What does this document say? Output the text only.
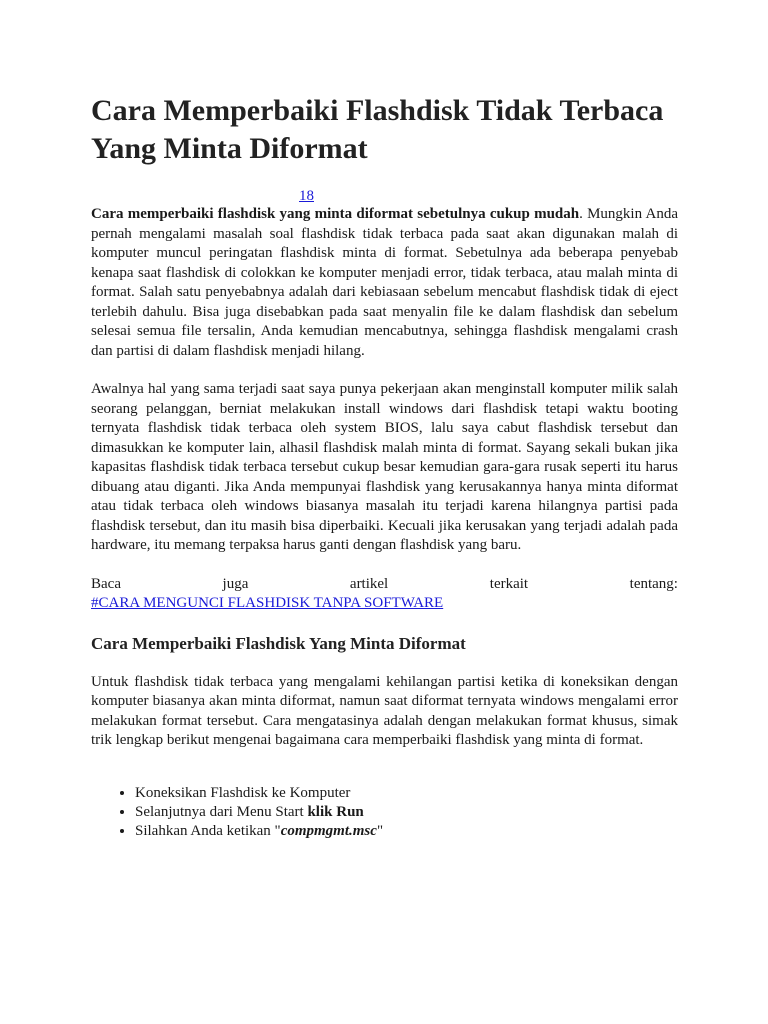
Cara Memperbaiki Flashdisk Tidak Terbaca Yang Minta Diformat
18

Cara memperbaiki flashdisk yang minta diformat sebetulnya cukup mudah. Mungkin Anda pernah mengalami masalah soal flashdisk tidak terbaca pada saat akan digunakan malah di komputer muncul peringatan flashdisk minta di format. Sebetulnya ada beberapa penyebab kenapa saat flashdisk di colokkan ke komputer menjadi error, tidak terbaca, atau malah minta di format. Salah satu penyebabnya adalah dari kebiasaan sebelum mencabut flashdisk tidak di eject terlebih dahulu. Bisa juga disebabkan pada saat menyalin file ke dalam flashdisk dan sebelum selesai semua file tersalin, Anda kemudian mencabutnya, sehingga flashdisk mengalami crash dan partisi di dalam flashdisk menjadi hilang.

Awalnya hal yang sama terjadi saat saya punya pekerjaan akan menginstall komputer milik salah seorang pelanggan, berniat melakukan install windows dari flashdisk tetapi waktu booting ternyata flashdisk tidak terbaca oleh system BIOS, lalu saya cabut flashdisk tersebut dan dimasukkan ke komputer lain, alhasil flashdisk malah minta di format. Sayang sekali bukan jika kapasitas flashdisk tidak terbaca tersebut cukup besar kemudian gara-gara rusak seperti itu harus dibuang atau diganti. Jika Anda mempunyai flashdisk yang kerusakannya hanya minta diformat atau tidak terbaca oleh windows biasanya masalah itu terjadi karena hilangnya partisi pada flashdisk tersebut, dan itu masih bisa diperbaiki. Kecuali jika kerusakan yang terjadi adalah pada hardware, itu memang terpaksa harus ganti dengan flashdisk yang baru.

Baca	juga	artikel	terkait	tentang:
#CARA MENGUNCI FLASHDISK TANPA SOFTWARE
Cara Memperbaiki Flashdisk Yang Minta Diformat

Untuk flashdisk tidak terbaca yang mengalami kehilangan partisi ketika di koneksikan dengan komputer biasanya akan minta diformat, namun saat diformat ternyata windows mengalami error melakukan format tersebut. Cara mengatasinya adalah dengan melakukan format khusus, simak trik lengkap berikut mengenai bagaimana cara memperbaiki flashdisk yang minta di format.

• Koneksikan Flashdisk ke Komputer
• Selanjutnya dari Menu Start klik Run
• Silahkan Anda ketikan "compmgmt.msc"
